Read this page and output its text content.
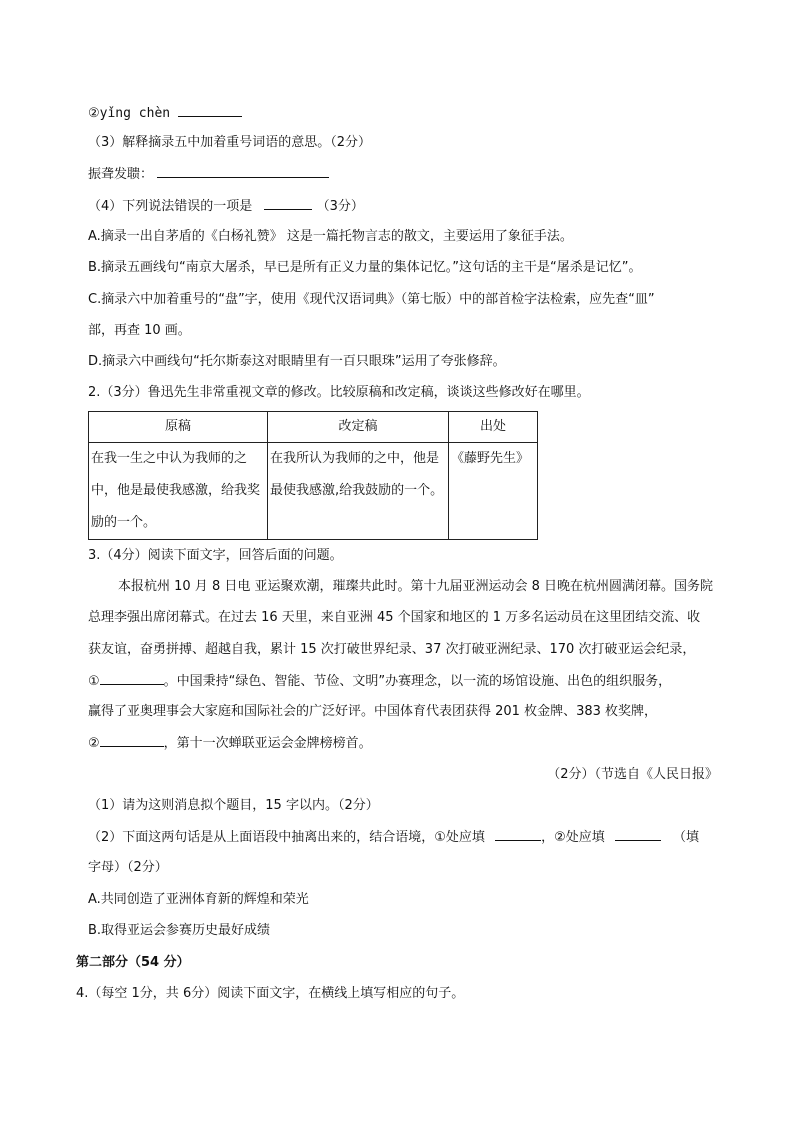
②yǐng chèn
（3）解释摘录五中加着重号词语的意思。（2分）
振聋发聩：
（4）下列说法错误的一项是	（3分）
A.摘录一出自茅盾的《白杨礼赞》 这是一篇托物言志的散文，主要运用了象征手法。
B.摘录五画线句“南京大屠杀，早已是所有正义力量的集体记忆。”这句话的主干是“屠杀是记忆”。
C.摘录六中加着重号的“盘”字，使用《现代汉语词典》（第七版）中的部首检字法检索，应先查“皿”
部，再查 10 画。
D.摘录六中画线句“托尔斯泰这对眼睛里有一百只眼珠”运用了夸张修辞。
2.（3分）鲁迅先生非常重视文章的修改。比较原稿和改定稿，谈谈这些修改好在哪里。
原稿	改定稿	出处

在我一生之中认为我师的之中，他是最使我感激，给我奖励的一个。	在我所认为我师的之中，他是最使我感激,给我鼓励的一个。	《藤野先生》
3.（4分）阅读下面文字，回答后面的问题。
本报杭州 10 月 8 日电 亚运聚欢潮，璀璨共此时。第十九届亚洲运动会 8 日晚在杭州圆满闭幕。国务院
总理李强出席闭幕式。在过去 16 天里，来自亚洲 45 个国家和地区的 1 万多名运动员在这里团结交流、收
获友谊，奋勇拼搏、超越自我，累计 15 次打破世界纪录、37 次打破亚洲纪录、170 次打破亚运会纪录，
①	。中国秉持“绿色、智能、节俭、文明”办赛理念，以一流的场馆设施、出色的组织服务，
赢得了亚奥理事会大家庭和国际社会的广泛好评。中国体育代表团获得 201 枚金牌、383 枚奖牌，
②	，第十一次蝉联亚运会金牌榜榜首。
（2分）（节选自《人民日报》
（1）请为这则消息拟个题目，15 字以内。（2分）
（2）下面这两句话是从上面语段中抽离出来的，结合语境，①处应填	，②处应填	（填
字母）（2分）
A.共同创造了亚洲体育新的辉煌和荣光
B.取得亚运会参赛历史最好成绩
第二部分（54 分）
4.（每空 1分，共 6分）阅读下面文字，在横线上填写相应的句子。
